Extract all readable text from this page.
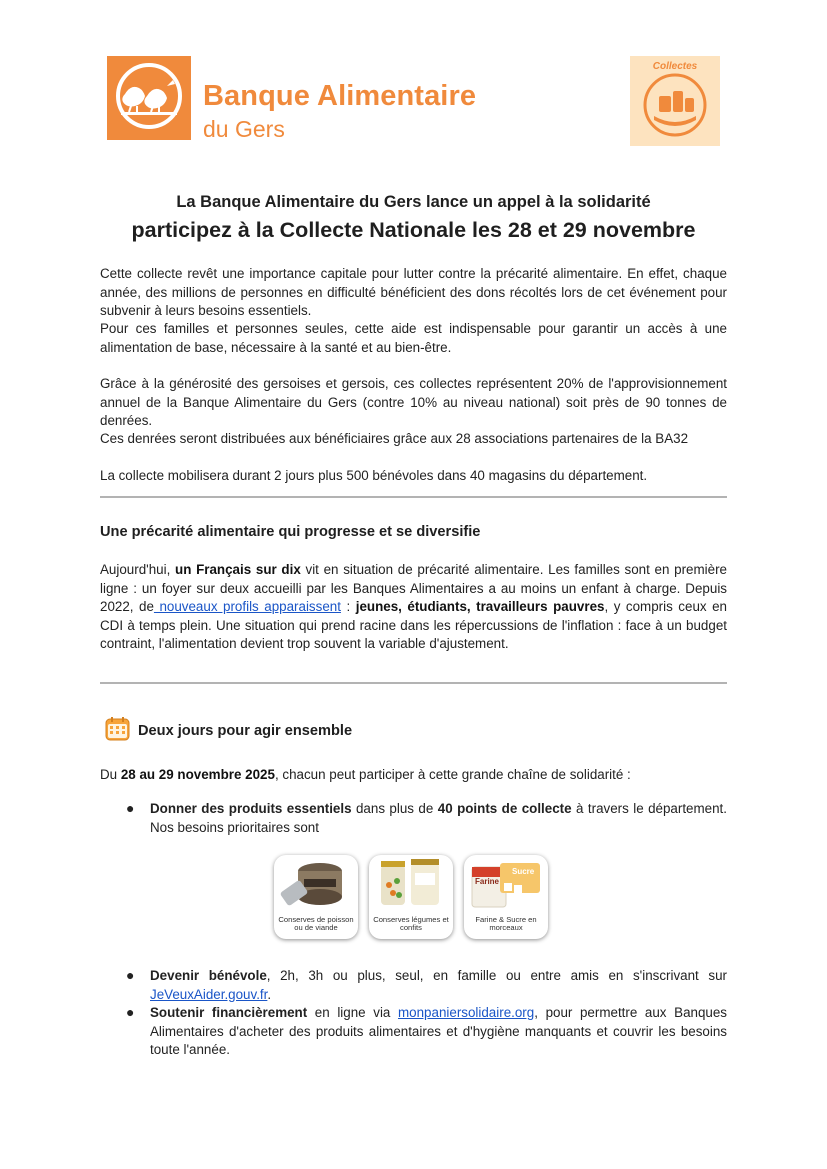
Banque Alimentaire
du Gers
Collectes
La Banque Alimentaire du Gers lance un appel à la solidarité
participez à la Collecte Nationale les 28 et 29 novembre

Cette collecte revêt une importance capitale pour lutter contre la précarité alimentaire. En effet, chaque année, des millions de personnes en difficulté bénéficient des dons récoltés lors de cet événement pour subvenir à leurs besoins essentiels.

Pour ces familles et personnes seules, cette aide est indispensable pour garantir un accès à une alimentation de base, nécessaire à la santé et au bien-être.

Grâce à la générosité des gersoises et gersois, ces collectes représentent 20% de l'approvisionnement annuel de la Banque Alimentaire du Gers (contre 10% au niveau national) soit près de 90 tonnes de denrées.

Ces denrées seront distribuées aux bénéficiaires grâce aux 28 associations partenaires de la BA32

La collecte mobilisera durant 2 jours plus 500 bénévoles dans 40 magasins du département.

Une précarité alimentaire qui progresse et se diversifie

Aujourd'hui, un Français sur dix vit en situation de précarité alimentaire. Les familles sont en première ligne : un foyer sur deux accueilli par les Banques Alimentaires a au moins un enfant à charge. Depuis 2022, de nouveaux profils apparaissent : jeunes, étudiants, travailleurs pauvres, y compris ceux en CDI à temps plein. Une situation qui prend racine dans les répercussions de l'inflation : face à un budget contraint, l'alimentation devient trop souvent la variable d'ajustement.

Deux jours pour agir ensemble

Du 28 au 29 novembre 2025, chacun peut participer à cette grande chaîne de solidarité :

● Donner des produits essentiels dans plus de 40 points de collecte à travers le département. Nos besoins prioritaires sont

Conserves de poisson ou de viande
Conserves légumes et confits
Farine
Sucre
Farine & Sucre en morceaux
● Devenir bénévole, 2h, 3h ou plus, seul, en famille ou entre amis en s'inscrivant sur JeVeuxAider.gouv.fr.

● Soutenir financièrement en ligne via monpaniersolidaire.org, pour permettre aux Banques Alimentaires d'acheter des produits alimentaires et d'hygiène manquants et couvrir les besoins toute l'année.
